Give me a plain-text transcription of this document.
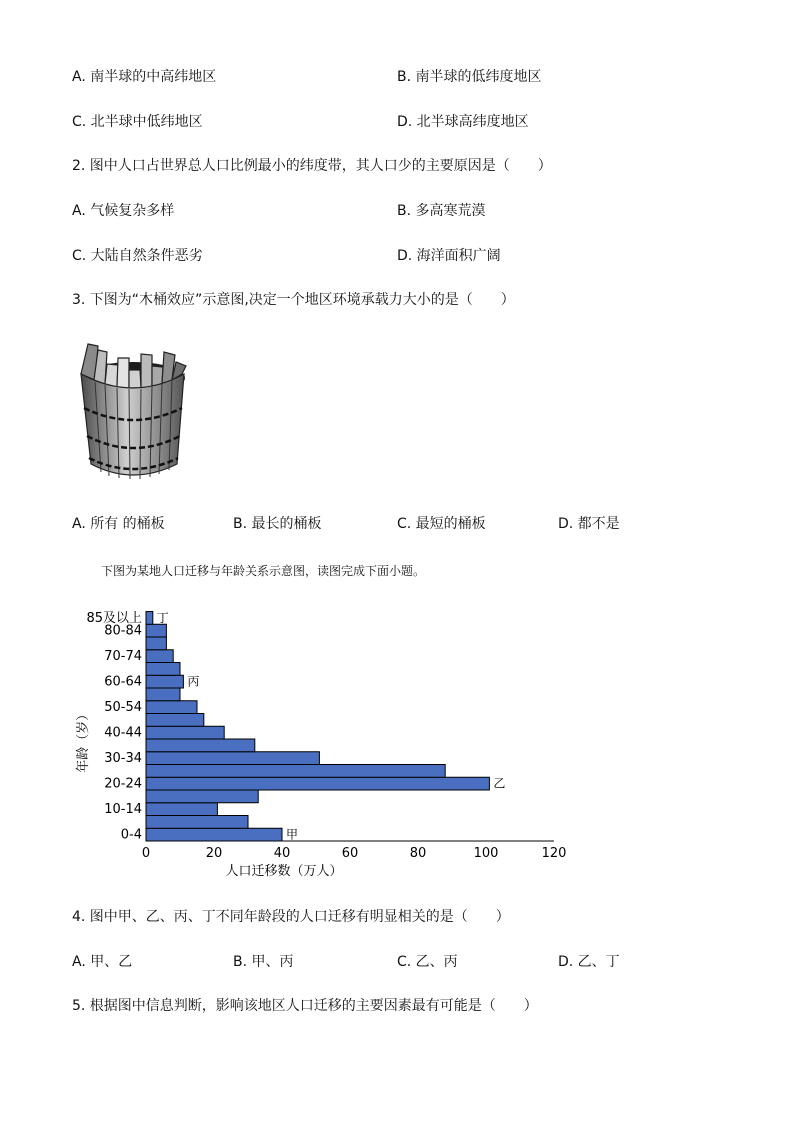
A. 南半球的中高纬地区	B. 南半球的低纬度地区
C. 北半球中低纬地区	D. 北半球高纬度地区
2. 图中人口占世界总人口比例最小的纬度带，其人口少的主要原因是（　　）
A. 气候复杂多样	B. 多高寒荒漠
C. 大陆自然条件恶劣	D. 海洋面积广阔
3. 下图为“木桶效应”示意图,决定一个地区环境承载力大小的是（　　）
A. 所有 的桶板	B. 最长的桶板	C. 最短的桶板	D. 都不是
下图为某地人口迁移与年龄关系示意图，读图完成下面小题。
0-4
10-14
20-24
30-34
40-44
50-54
60-64
70-74
80-84
85及以上
0	20	40	60	80	100	120
甲
乙
丙
丁
人口迁移数（万人）
年龄（岁）
4. 图中甲、乙、丙、丁不同年龄段的人口迁移有明显相关的是（　　）
A. 甲、乙	B. 甲、丙	C. 乙、丙	D. 乙、丁
5. 根据图中信息判断，影响该地区人口迁移的主要因素最有可能是（　　）
